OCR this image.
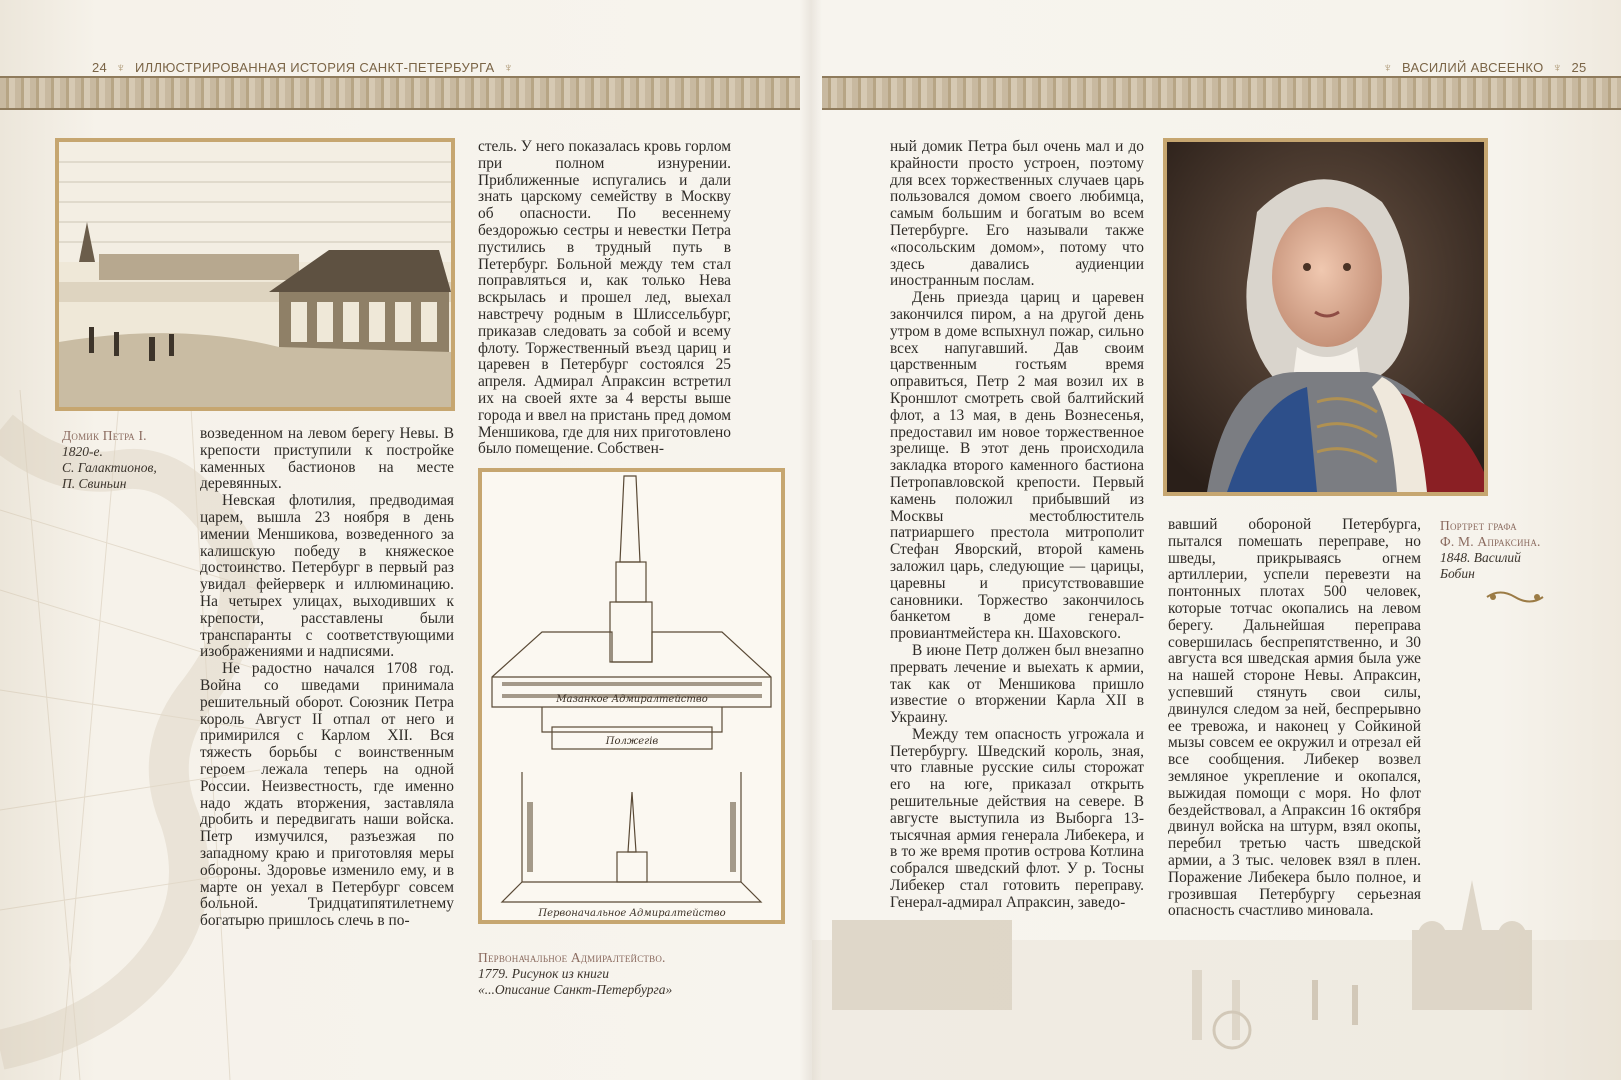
24 ♆ ИЛЛЮСТРИРОВАННАЯ ИСТОРИЯ САНКТ-ПЕТЕРБУРГА ♆	♆ ВАСИЛИЙ АВСЕЕНКО ♆ 25
Домик Петра I.
1820-е.
С. Галактионов,
П. Свиньин

возведенном на левом берегу Невы. В крепости приступили к постройке каменных бастионов на месте деревянных.

Невская флотилия, предводимая царем, вышла 23 ноября в день имении Меншикова, возведенного за калишскую победу в княжеское достоинство. Петербург в первый раз увидал фейерверк и иллюминацию. На четырех улицах, выходивших к крепости, расставлены были транспаранты с соответствующими изображениями и надписями.

Не радостно начался 1708 год. Война со шведами принимала решительный оборот. Союзник Петра король Август II отпал от него и примирился с Карлом XII. Вся тяжесть борьбы с воинственным героем лежала теперь на одной России. Неизвестность, где именно надо ждать вторжения, заставляла дробить и передвигать наши войска. Петр измучился, разъезжая по западному краю и приготовляя меры обороны. Здоровье изменило ему, и в марте он уехал в Петербург совсем больной. Тридцатипятилетнему богатырю пришлось слечь в по-

стель. У него показалась кровь горлом при полном изнурении. Приближенные испугались и дали знать царскому семейству в Москву об опасности. По весеннему бездорожью сестры и невестки Петра пустились в трудный путь в Петербург. Больной между тем стал поправляться и, как только Нева вскрылась и прошел лед, выехал навстречу родным в Шлиссельбург, приказав следовать за собой и всему флоту. Торжественный въезд цариц и царевен в Петербург состоялся 25 апреля. Адмирал Апраксин встретил их на своей яхте за 4 версты выше города и ввел на пристань пред домом Меншикова, где для них приготовлено было помещение. Собствен-

Мазанкое Адмиралтейство
Полжегів
Первоначальное Адмиралтейство
Первоначальное Адмиралтейство.
1779. Рисунок из книги
«...Описание Санкт-Петербурга»

ный домик Петра был очень мал и до крайности просто устроен, поэтому для всех торжественных случаев царь пользовался домом своего любимца, самым большим и богатым во всем Петербурге. Его называли также «посольским домом», потому что здесь давались аудиенции иностранным послам.

День приезда цариц и царевен закончился пиром, а на другой день утром в доме вспыхнул пожар, сильно всех напугавший. Дав своим царственным гостьям время оправиться, Петр 2 мая возил их в Кроншлот смотреть свой балтийский флот, а 13 мая, в день Вознесенья, предоставил им новое торжественное зрелище. В этот день происходила закладка второго каменного бастиона Петропавловской крепости. Первый камень положил прибывший из Москвы местоблюститель патриаршего престола митрополит Стефан Яворский, второй камень заложил царь, следующие — царицы, царевны и присутствовавшие сановники. Торжество закончилось банкетом в доме генерал-провиантмейстера кн. Шаховского.

В июне Петр должен был внезапно прервать лечение и выехать к армии, так как от Меншикова пришло известие о вторжении Карла XII в Украину.

Между тем опасность угрожала и Петербургу. Шведский король, зная, что главные русские силы сторожат его на юге, приказал открыть решительные действия на севере. В августе выступила из Выборга 13-тысячная армия генерала Либекера, и в то же время против острова Котлина собрался шведский флот. У р. Тосны Либекер стал готовить переправу. Генерал-адмирал Апраксин, заведо-

Портрет графа
Ф. М. Апраксина.
1848. Василий
Бобин

вавший обороной Петербурга, пытался помешать переправе, но шведы, прикрываясь огнем артиллерии, успели перевезти на понтонных плотах 500 человек, которые тотчас окопались на левом берегу. Дальнейшая переправа совершилась беспрепятственно, и 30 августа вся шведская армия была уже на нашей стороне Невы. Апраксин, успевший стянуть свои силы, двинулся следом за ней, беспрерывно ее тревожа, и наконец у Сойкиной мызы совсем ее окружил и отрезал ей все сообщения. Либекер возвел земляное укрепление и окопался, выжидая помощи с моря. Но флот бездействовал, а Апраксин 16 октября двинул войска на штурм, взял окопы, перебил третью часть шведской армии, а 3 тыс. человек взял в плен. Поражение Либекера было полное, и грозившая Петербургу серьезная опасность счастливо миновала.
